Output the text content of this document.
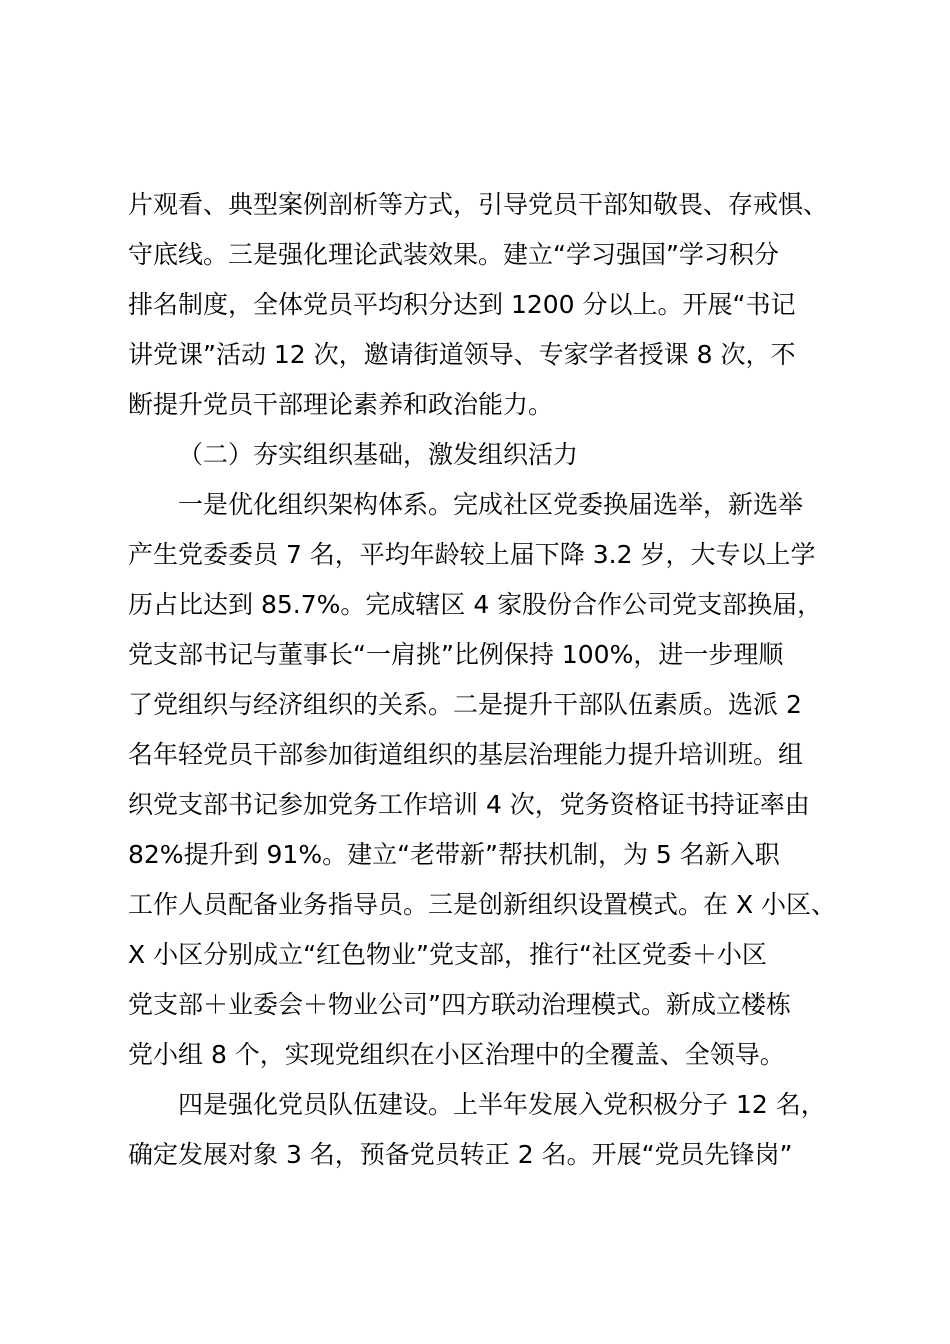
片观看、典型案例剖析等方式，引导党员干部知敬畏、存戒惧、
守底线。三是强化理论武装效果。建立“学习强国”学习积分
排名制度，全体党员平均积分达到 1200 分以上。开展“书记
讲党课”活动 12 次，邀请街道领导、专家学者授课 8 次，不
断提升党员干部理论素养和政治能力。
（二）夯实组织基础，激发组织活力
一是优化组织架构体系。完成社区党委换届选举，新选举
产生党委委员 7 名，平均年龄较上届下降 3.2 岁，大专以上学
历占比达到 85.7%。完成辖区 4 家股份合作公司党支部换届，
党支部书记与董事长“一肩挑”比例保持 100%，进一步理顺
了党组织与经济组织的关系。二是提升干部队伍素质。选派 2
名年轻党员干部参加街道组织的基层治理能力提升培训班。组
织党支部书记参加党务工作培训 4 次，党务资格证书持证率由
82%提升到 91%。建立“老带新”帮扶机制，为 5 名新入职
工作人员配备业务指导员。三是创新组织设置模式。在 X 小区、
X 小区分别成立“红色物业”党支部，推行“社区党委＋小区
党支部＋业委会＋物业公司”四方联动治理模式。新成立楼栋
党小组 8 个，实现党组织在小区治理中的全覆盖、全领导。
四是强化党员队伍建设。上半年发展入党积极分子 12 名，
确定发展对象 3 名，预备党员转正 2 名。开展“党员先锋岗”
